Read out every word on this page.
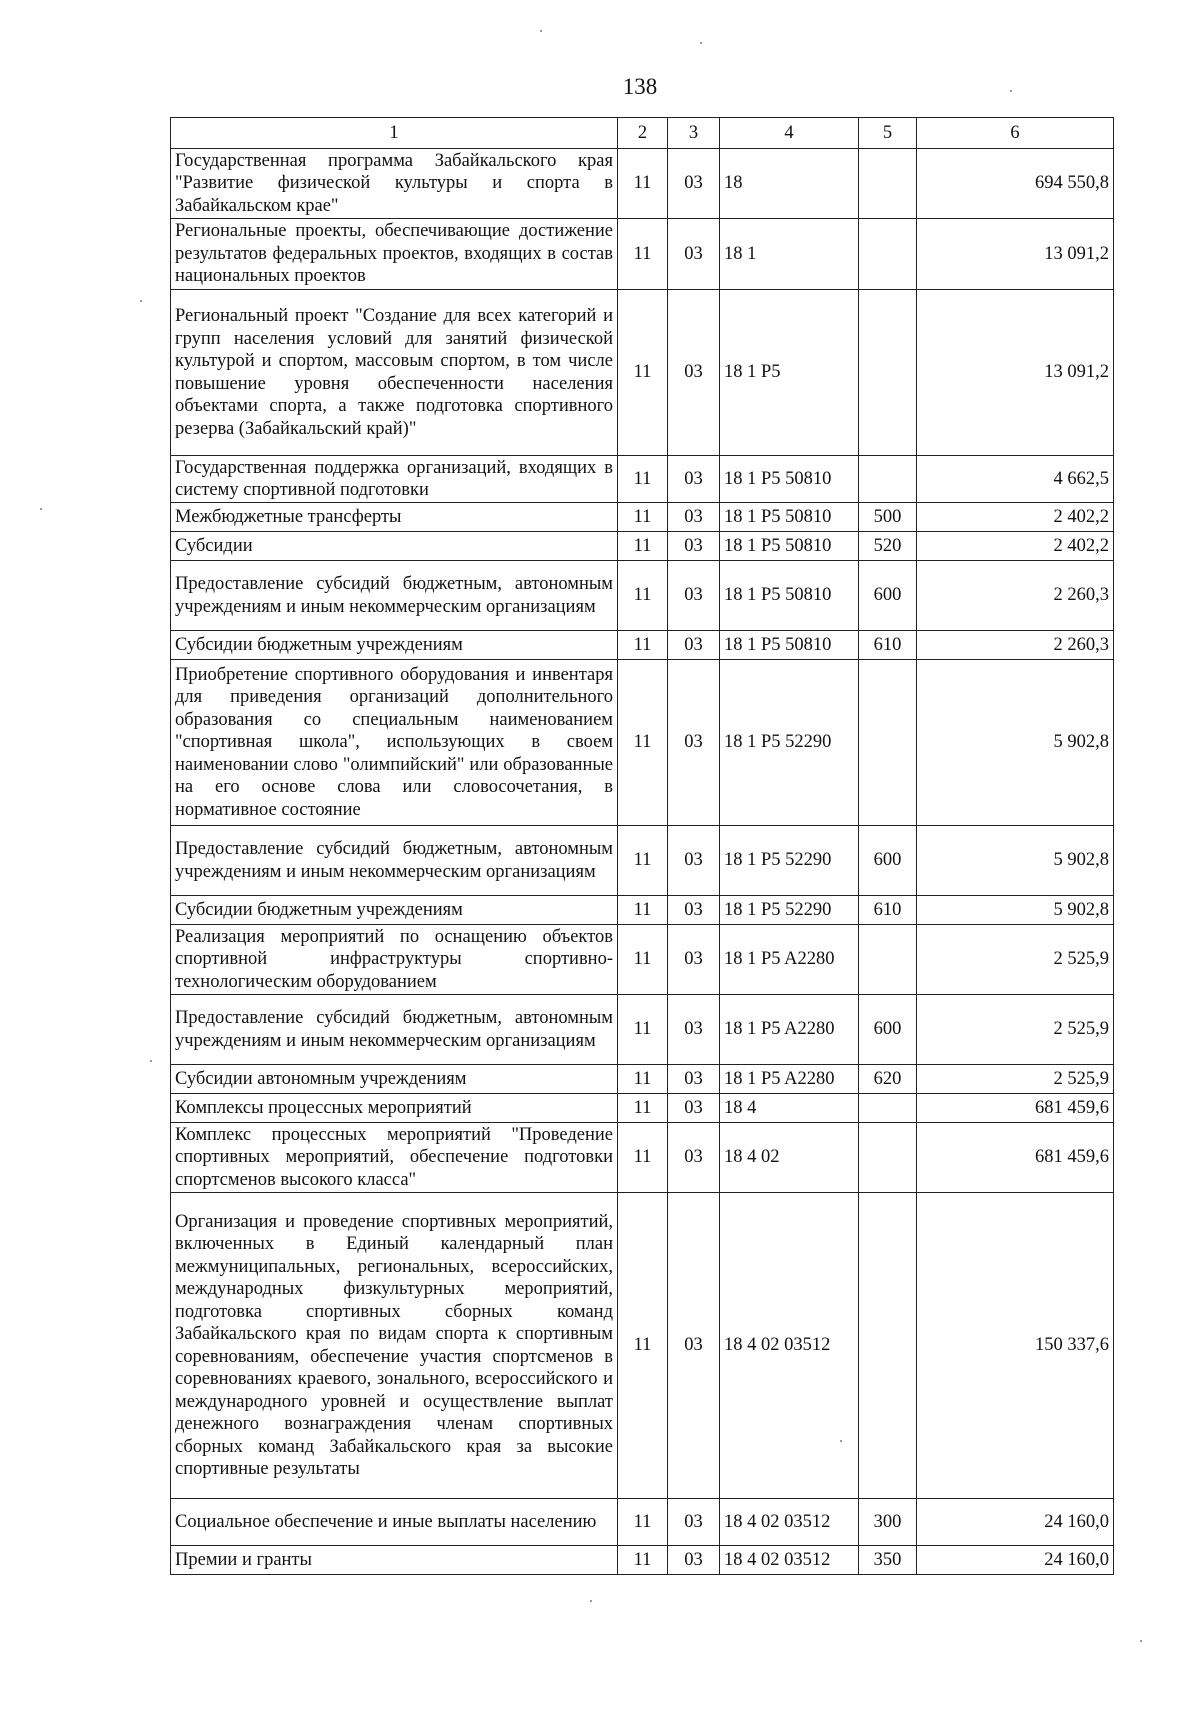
138
1	2	3	4	5	6
Государственная программа Забайкальского края "Развитие физической культуры и спорта в Забайкальском крае"	11	03	18		694 550,8
Региональные проекты, обеспечивающие достижение результатов федеральных проектов, входящих в состав национальных проектов	11	03	18 1		13 091,2
Региональный проект "Создание для всех категорий и групп населения условий для занятий физической культурой и спортом, массовым спортом, в том числе повышение уровня обеспеченности населения объектами спорта, а также подготовка спортивного резерва (Забайкальский край)"	11	03	18 1 P5		13 091,2
Государственная поддержка организаций, входящих в систему спортивной подготовки	11	03	18 1 P5 50810		4 662,5
Межбюджетные трансферты	11	03	18 1 P5 50810	500	2 402,2
Субсидии	11	03	18 1 P5 50810	520	2 402,2
Предоставление субсидий бюджетным, автономным учреждениям и иным некоммерческим организациям	11	03	18 1 P5 50810	600	2 260,3
Субсидии бюджетным учреждениям	11	03	18 1 P5 50810	610	2 260,3
Приобретение спортивного оборудования и инвентаря для приведения организаций дополнительного образования со специальным наименованием "спортивная школа", использующих в своем наименовании слово "олимпийский" или образованные на его основе слова или словосочетания, в нормативное состояние	11	03	18 1 P5 52290		5 902,8
Предоставление субсидий бюджетным, автономным учреждениям и иным некоммерческим организациям	11	03	18 1 P5 52290	600	5 902,8
Субсидии бюджетным учреждениям	11	03	18 1 P5 52290	610	5 902,8
Реализация мероприятий по оснащению объектов спортивной инфраструктуры спортивно-технологическим оборудованием	11	03	18 1 P5 A2280		2 525,9
Предоставление субсидий бюджетным, автономным учреждениям и иным некоммерческим организациям	11	03	18 1 P5 A2280	600	2 525,9
Субсидии автономным учреждениям	11	03	18 1 P5 A2280	620	2 525,9
Комплексы процессных мероприятий	11	03	18 4		681 459,6
Комплекс процессных мероприятий "Проведение спортивных мероприятий, обеспечение подготовки спортсменов высокого класса"	11	03	18 4 02		681 459,6
Организация и проведение спортивных мероприятий, включенных в Единый календарный план межмуниципальных, региональных, всероссийских, международных физкультурных мероприятий, подготовка спортивных сборных команд Забайкальского края по видам спорта к спортивным соревнованиям, обеспечение участия спортсменов в соревнованиях краевого, зонального, всероссийского и международного уровней и осуществление выплат денежного вознаграждения членам спортивных сборных команд Забайкальского края за высокие спортивные результаты	11	03	18 4 02 03512		150 337,6
Социальное обеспечение и иные выплаты населению	11	03	18 4 02 03512	300	24 160,0
Премии и гранты	11	03	18 4 02 03512	350	24 160,0
